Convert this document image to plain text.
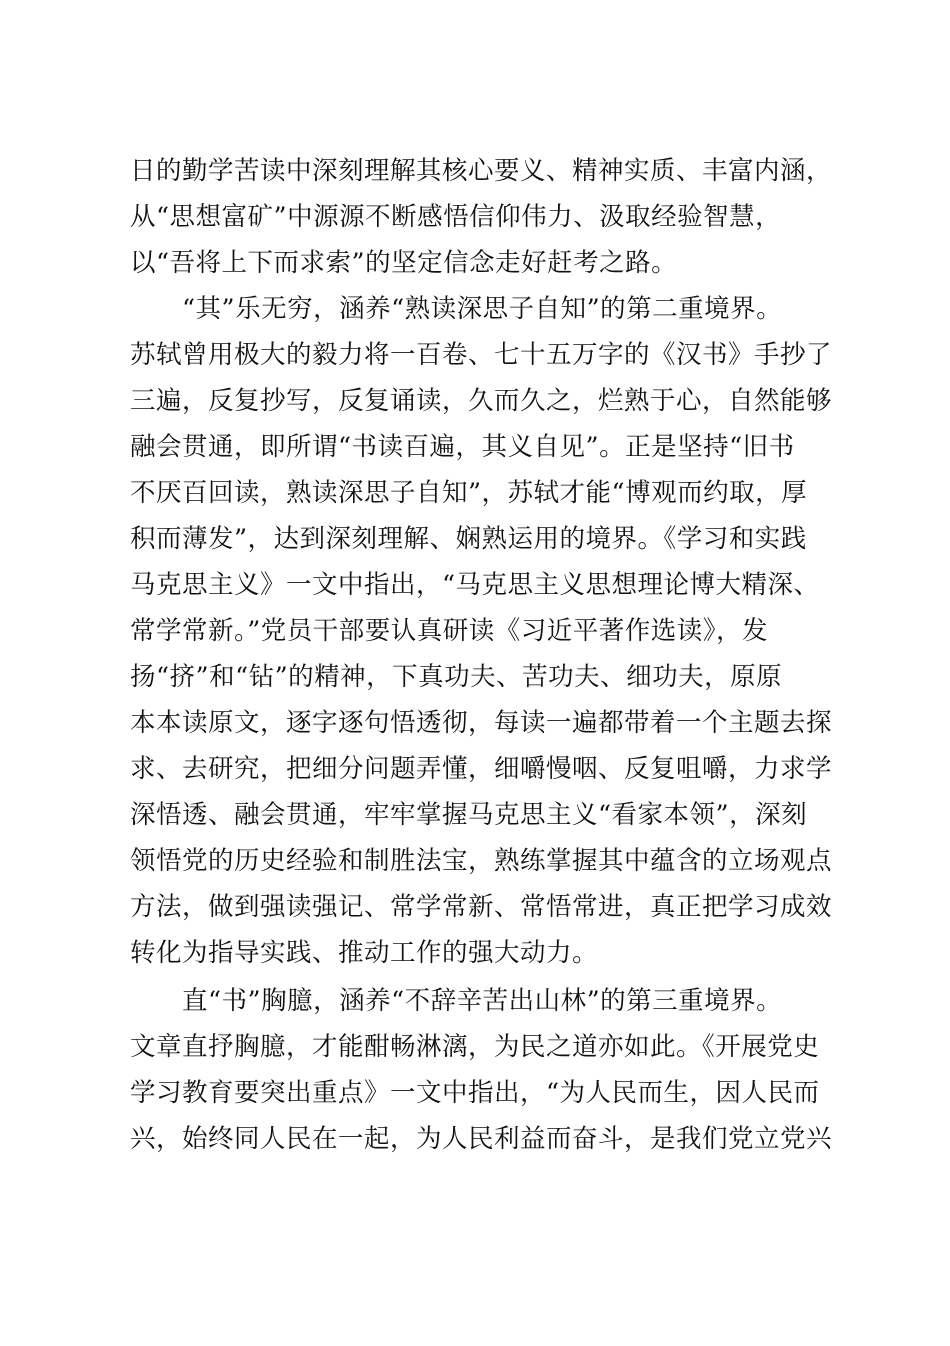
日的勤学苦读中深刻理解其核心要义、精神实质、丰富内涵，
从“思想富矿”中源源不断感悟信仰伟力、汲取经验智慧，
以“吾将上下而求索”的坚定信念走好赶考之路。
“其”乐无穷，涵养“熟读深思子自知”的第二重境界。
苏轼曾用极大的毅力将一百卷、七十五万字的《汉书》手抄了
三遍，反复抄写，反复诵读，久而久之，烂熟于心，自然能够
融会贯通，即所谓“书读百遍，其义自见”。正是坚持“旧书
不厌百回读，熟读深思子自知”，苏轼才能“博观而约取，厚
积而薄发”，达到深刻理解、娴熟运用的境界。《学习和实践
马克思主义》一文中指出，“马克思主义思想理论博大精深、
常学常新。”党员干部要认真研读《习近平著作选读》，发
扬“挤”和“钻”的精神，下真功夫、苦功夫、细功夫，原原
本本读原文，逐字逐句悟透彻，每读一遍都带着一个主题去探
求、去研究，把细分问题弄懂，细嚼慢咽、反复咀嚼，力求学
深悟透、融会贯通，牢牢掌握马克思主义“看家本领”，深刻
领悟党的历史经验和制胜法宝，熟练掌握其中蕴含的立场观点
方法，做到强读强记、常学常新、常悟常进，真正把学习成效
转化为指导实践、推动工作的强大动力。
直“书”胸臆，涵养“不辞辛苦出山林”的第三重境界。
文章直抒胸臆，才能酣畅淋漓，为民之道亦如此。《开展党史
学习教育要突出重点》一文中指出，“为人民而生，因人民而
兴，始终同人民在一起，为人民利益而奋斗，是我们党立党兴
